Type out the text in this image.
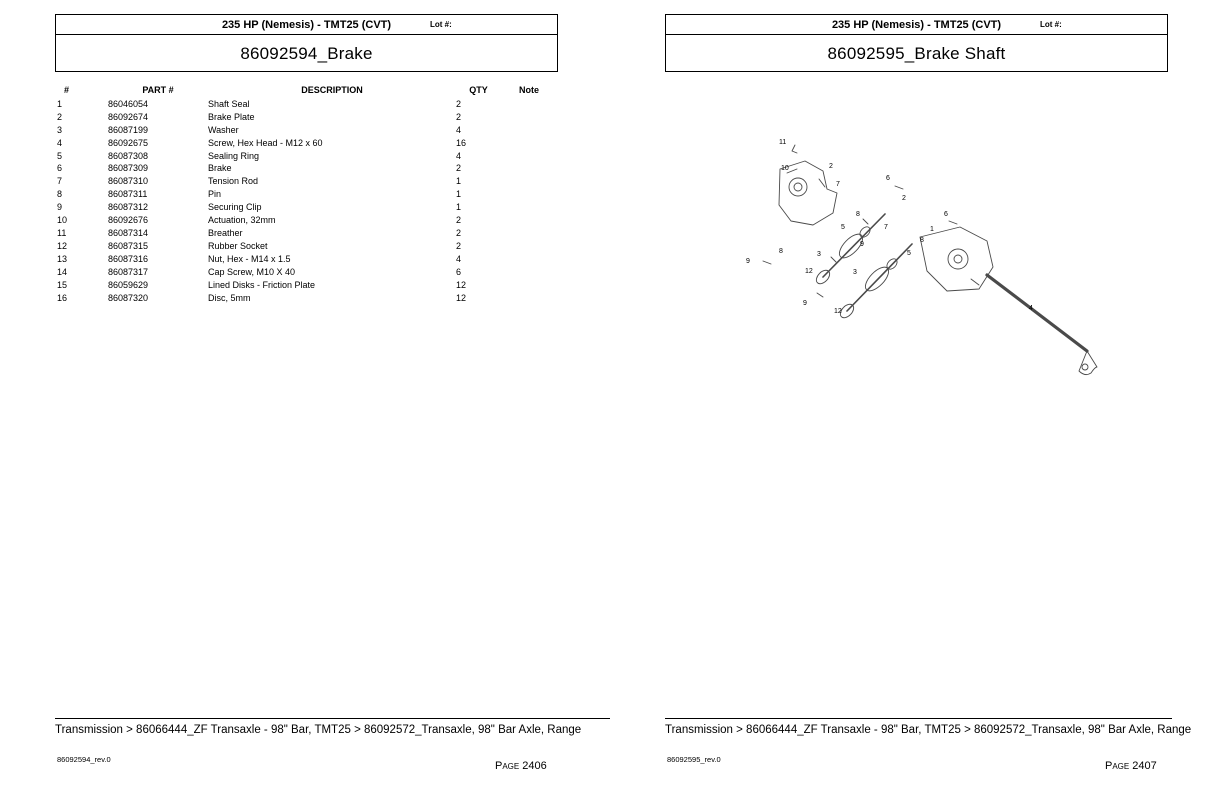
235 HP (Nemesis) - TMT25 (CVT)	Lot #:
86092594_Brake
#	PART #	DESCRIPTION	QTY	Note
1	86046054	Shaft Seal	2
2	86092674	Brake Plate	2
3	86087199	Washer	4
4	86092675	Screw, Hex Head - M12 x 60	16
5	86087308	Sealing Ring	4
6	86087309	Brake	2
7	86087310	Tension Rod	1
8	86087311	Pin	1
9	86087312	Securing Clip	1
10	86092676	Actuation, 32mm	2
11	86087314	Breather	2
12	86087315	Rubber Socket	2
13	86087316	Nut, Hex - M14 x 1.5	4
14	86087317	Cap Screw, M10 X 40	6
15	86059629	Lined Disks - Friction Plate	12
16	86087320	Disc, 5mm	12
Transmission > 86066444_ZF Transaxle - 98" Bar, TMT25 > 86092572_Transaxle, 98" Bar Axle, Range
86092594_rev.0
Page 2406
235 HP (Nemesis) - TMT25 (CVT)	Lot #:
86092595_Brake Shaft
11
10	2
7
6
2
8	6
5	7	1
9
8
3
8
9
5
12	3
9
12	4
Transmission > 86066444_ZF Transaxle - 98" Bar, TMT25 > 86092572_Transaxle, 98" Bar Axle, Range
86092595_rev.0
Page 2407
